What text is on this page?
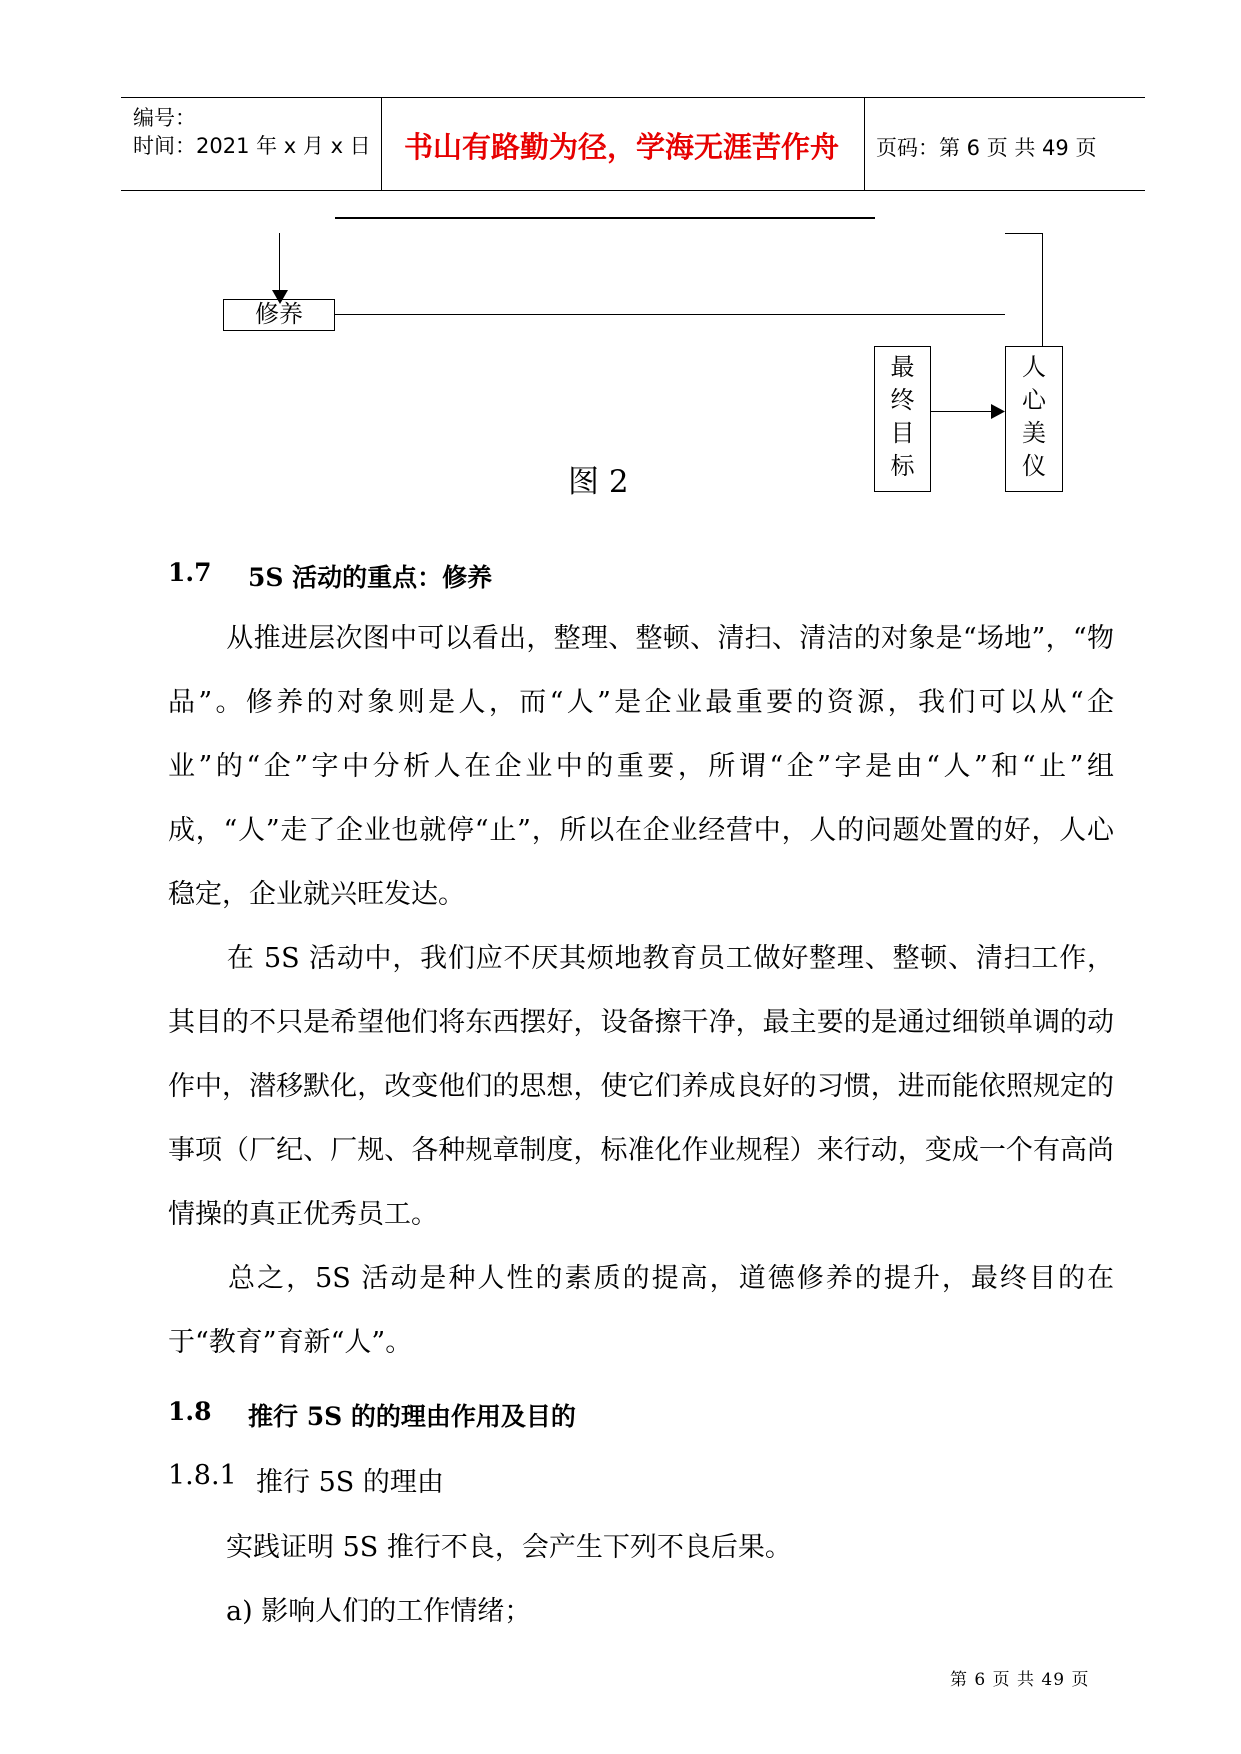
编号：
时间：2021 年 x 月 x 日 书山有路勤为径，学海无涯苦作舟 页码：第 6 页 共 49 页
修养
最
终
目
标
人
心
美
仪
图 2
1.7 5S 活动的重点：修养
从推进层次图中可以看出，整理、整顿、清扫、清洁的对象是“场地”，“物品”。修养的对象则是人，而“人”是企业最重要的资源，我们可以从“企业”的“企”字中分析人在企业中的重要，所谓“企”字是由“人”和“止”组成，“人”走了企业也就停“止”，所以在企业经营中，人的问题处置的好，人心稳定，企业就兴旺发达。
在 5S 活动中，我们应不厌其烦地教育员工做好整理、整顿、清扫工作，其目的不只是希望他们将东西摆好，设备擦干净，最主要的是通过细锁单调的动作中，潜移默化，改变他们的思想，使它们养成良好的习惯，进而能依照规定的事项（厂纪、厂规、各种规章制度，标准化作业规程）来行动，变成一个有高尚情操的真正优秀员工。
总之，5S 活动是种人性的素质的提高，道德修养的提升，最终目的在于“教育”育新“人”。
1.8 推行 5S 的的理由作用及目的
1.8.1 推行 5S 的理由
实践证明 5S 推行不良，会产生下列不良后果。
a) 影响人们的工作情绪；
第 6 页 共 49 页
